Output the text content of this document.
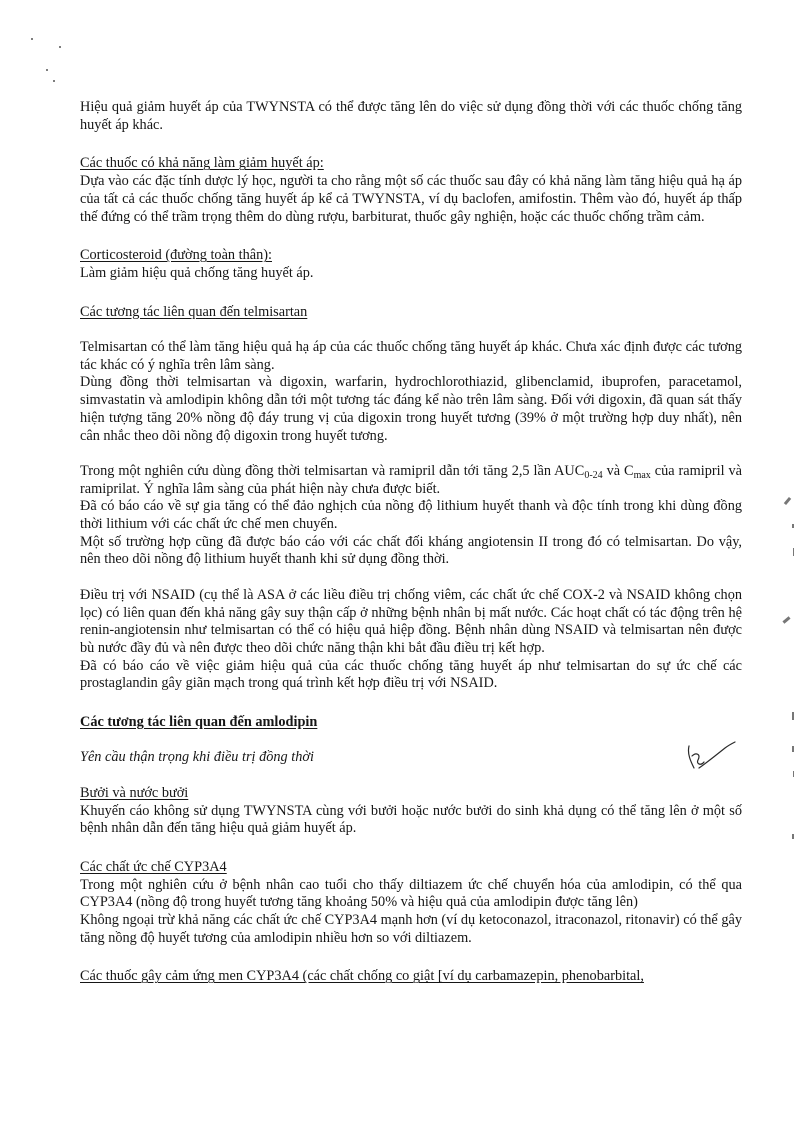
Hiệu quả giảm huyết áp của TWYNSTA có thể được tăng lên do việc sử dụng đồng thời với các thuốc chống tăng huyết áp khác.

Các thuốc có khả năng làm giảm huyết áp:

Dựa vào các đặc tính dược lý học, người ta cho rằng một số các thuốc sau đây có khả năng làm tăng hiệu quả hạ áp của tất cả các thuốc chống tăng huyết áp kể cả TWYNSTA, ví dụ baclofen, amifostin. Thêm vào đó, huyết áp thấp thế đứng có thể trầm trọng thêm do dùng rượu, barbiturat, thuốc gây nghiện, hoặc các thuốc chống trầm cảm.

Corticosteroid (đường toàn thân):

Làm giảm hiệu quả chống tăng huyết áp.

Các tương tác liên quan đến telmisartan

Telmisartan có thể làm tăng hiệu quả hạ áp của các thuốc chống tăng huyết áp khác. Chưa xác định được các tương tác khác có ý nghĩa trên lâm sàng.

Dùng đồng thời telmisartan và digoxin, warfarin, hydrochlorothiazid, glibenclamid, ibuprofen, paracetamol, simvastatin và amlodipin không dẫn tới một tương tác đáng kể nào trên lâm sàng. Đối với digoxin, đã quan sát thấy hiện tượng tăng 20% nồng độ đáy trung vị của digoxin trong huyết tương (39% ở một trường hợp duy nhất), nên cân nhắc theo dõi nồng độ digoxin trong huyết tương.

Trong một nghiên cứu dùng đồng thời telmisartan và ramipril dẫn tới tăng 2,5 lần $AUC_{0-24}$ và $C_{max}$ của ramipril và ramiprilat. Ý nghĩa lâm sàng của phát hiện này chưa được biết.

Đã có báo cáo về sự gia tăng có thể đảo nghịch của nồng độ lithium huyết thanh và độc tính trong khi dùng đồng thời lithium với các chất ức chế men chuyển.

Một số trường hợp cũng đã được báo cáo với các chất đối kháng angiotensin II trong đó có telmisartan. Do vậy, nên theo dõi nồng độ lithium huyết thanh khi sử dụng đồng thời.

Điều trị với NSAID (cụ thể là ASA ở các liều điều trị chống viêm, các chất ức chế COX-2 và NSAID không chọn lọc) có liên quan đến khả năng gây suy thận cấp ở những bệnh nhân bị mất nước. Các hoạt chất có tác động trên hệ renin-angiotensin như telmisartan có thể có hiệu quả hiệp đồng. Bệnh nhân dùng NSAID và telmisartan nên được bù nước đầy đủ và nên được theo dõi chức năng thận khi bắt đầu điều trị kết hợp.

Đã có báo cáo về việc giảm hiệu quả của các thuốc chống tăng huyết áp như telmisartan do sự ức chế các prostaglandin gây giãn mạch trong quá trình kết hợp điều trị với NSAID.

Các tương tác liên quan đến amlodipin

Yên cầu thận trọng khi điều trị đồng thời

Bưởi và nước bưởi

Khuyến cáo không sử dụng TWYNSTA cùng với bưởi hoặc nước bưởi do sinh khả dụng có thể tăng lên ở một số bệnh nhân dẫn đến tăng hiệu quả giảm huyết áp.

Các chất ức chế CYP3A4

Trong một nghiên cứu ở bệnh nhân cao tuổi cho thấy diltiazem ức chế chuyển hóa của amlodipin, có thể qua CYP3A4 (nồng độ trong huyết tương tăng khoảng 50% và hiệu quả của amlodipin được tăng lên)

Không ngoại trừ khả năng các chất ức chế CYP3A4 mạnh hơn (ví dụ ketoconazol, itraconazol, ritonavir) có thể gây tăng nồng độ huyết tương của amlodipin nhiều hơn so với diltiazem.

Các thuốc gây cảm ứng men CYP3A4 (các chất chống co giật [ví dụ carbamazepin, phenobarbital,
